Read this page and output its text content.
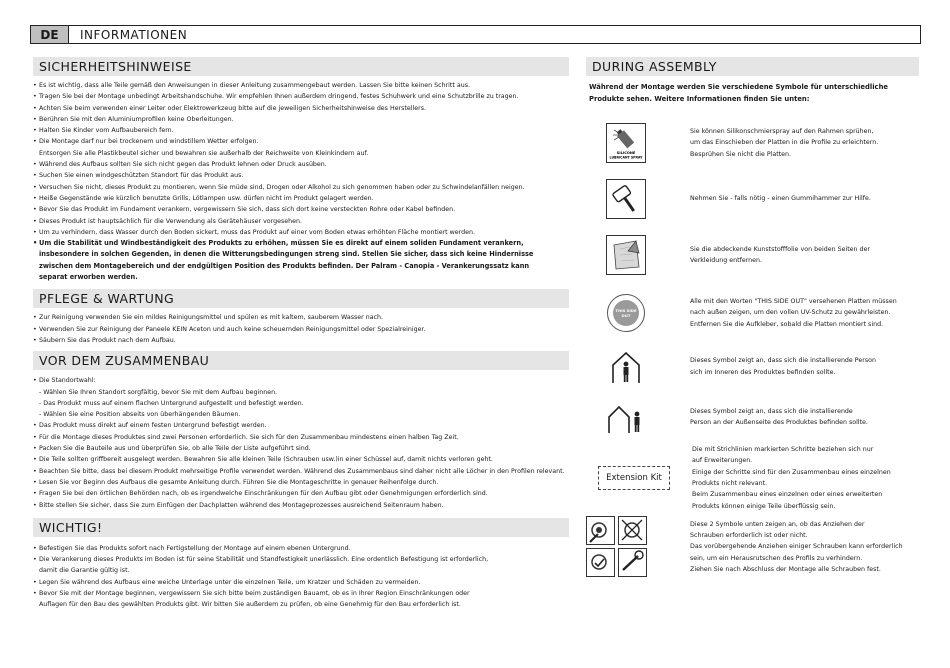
DE	INFORMATIONEN
SICHERHEITSHINWEISE
• Es ist wichtig, dass alle Teile gemäß den Anweisungen in dieser Anleitung zusammengebaut werden. Lassen Sie bitte keinen Schritt aus.
• Tragen Sie bei der Montage unbedingt Arbeitshandschuhe. Wir empfehlen Ihnen außerdem dringend, festes Schuhwerk und eine Schutzbrille zu tragen.
• Achten Sie beim verwenden einer Leiter oder Elektrowerkzeug bitte auf die jeweiligen Sicherheitshinweise des Herstellers.
• Berühren Sie mit den Aluminiumprofilen keine Oberleitungen.
• Halten Sie Kinder vom Aufbaubereich fern.
• Die Montage darf nur bei trockenem und windstillem Wetter erfolgen.
Entsorgen Sie alle Plastikbeutel sicher und bewahren sie außerhalb der Reichweite von Kleinkindern auf.
• Während des Aufbaus sollten Sie sich nicht gegen das Produkt lehnen oder Druck ausüben.
• Suchen Sie einen windgeschützten Standort für das Produkt aus.
• Versuchen Sie nicht, dieses Produkt zu montieren, wenn Sie müde sind, Drogen oder Alkohol zu sich genommen haben oder zu Schwindelanfällen neigen.
• Heiße Gegenstände wie kürzlich benutzte Grills, Lötlampen usw. dürfen nicht im Produkt gelagert werden.
• Bevor Sie das Produkt im Fundament verankern, vergewissern Sie sich, dass sich dort keine versteckten Rohre oder Kabel befinden.
• Dieses Produkt ist hauptsächlich für die Verwendung als Gerätehäuser vorgesehen.
• Um zu verhindern, dass Wasser durch den Boden sickert, muss das Produkt auf einer vom Boden etwas erhöhten Fläche montiert werden.
• Um die Stabilität und Windbeständigkeit des Produkts zu erhöhen, müssen Sie es direkt auf einem soliden Fundament verankern,
insbesondere in solchen Gegenden, in denen die Witterungsbedingungen streng sind. Stellen Sie sicher, dass sich keine Hindernisse
zwischen dem Montagebereich und der endgültigen Position des Produkts befinden. Der Palram - Canopia - Verankerungssatz kann
separat erworben werden.
PFLEGE & WARTUNG
• Zur Reinigung verwenden Sie ein mildes Reinigungsmittel und spülen es mit kaltem, sauberem Wasser nach.
• Verwenden Sie zur Reinigung der Paneele KEIN Aceton und auch keine scheuernden Reinigungsmittel oder Spezialreiniger.
• Säubern Sie das Produkt nach dem Aufbau.
VOR DEM ZUSAMMENBAU
• Die Standortwahl:
- Wählen Sie Ihren Standort sorgfältig, bevor Sie mit dem Aufbau beginnen.
- Das Produkt muss auf einem flachen Untergrund aufgestellt und befestigt werden.
- Wählen Sie eine Position abseits von überhängenden Bäumen.
• Das Produkt muss direkt auf einem festen Untergrund befestigt werden.
• Für die Montage dieses Produktes sind zwei Personen erforderlich. Sie sich für den Zusammenbau mindestens einen halben Tag Zeit.
• Packen Sie die Bauteile aus und überprüfen Sie, ob alle Teile der Liste aufgeführt sind.
• Die Teile sollten griffbereit ausgelegt werden. Bewahren Sie alle kleinen Teile (Schrauben usw.)in einer Schüssel auf, damit nichts verloren geht.
• Beachten Sie bitte, dass bei diesem Produkt mehrseitige Profile verwendet werden. Während des Zusammenbaus sind daher nicht alle Löcher in den Profilen relevant.
• Lesen Sie vor Beginn des Aufbaus die gesamte Anleitung durch. Führen Sie die Montageschritte in genauer Reihenfolge durch.
• Fragen Sie bei den örtlichen Behörden nach, ob es irgendwelche Einschränkungen für den Aufbau gibt oder Genehmigungen erforderlich sind.
• Bitte stellen Sie sicher, dass Sie zum Einfügen der Dachplatten während des Montageprozesses ausreichend Seitenraum haben.
WICHTIG!
• Befestigen Sie das Produkts sofort nach Fertigstellung der Montage auf einem ebenen Untergrund.
• Die Verankerung dieses Produkts im Boden ist für seine Stabilität und Standfestigkeit unerlässlich. Eine ordentlich Befestigung ist erforderlich,
damit die Garantie gültig ist.
• Legen Sie während des Aufbaus eine weiche Unterlage unter die einzelnen Teile, um Kratzer und Schäden zu vermeiden.
• Bevor Sie mit der Montage beginnen, vergewissern Sie sich bitte beim zuständigen Bauamt, ob es in Ihrer Region Einschränkungen oder
Auflagen für den Bau des gewählten Produkts gibt. Wir bitten Sie außerdem zu prüfen, ob eine Genehmig für den Bau erforderlich ist.
DURING ASSEMBLY
Während der Montage werden Sie verschiedene Symbole für unterschiedliche
Produkte sehen. Weitere Informationen finden Sie unten:
SILICONE
LUBRICANT SPRAY
Sie können Silikonschmierspray auf den Rahmen sprühen,
um das Einschieben der Platten in die Profile zu erleichtern.
Besprühen Sie nicht die Platten.
Nehmen Sie - falls nötig - einen Gummihammer zur Hilfe.
Sie die abdeckende Kunststofffolie von beiden Seiten der
Verkleidung entfernen.
THIS SIDE
OUT
Alle mit den Worten "THIS SIDE OUT" versehenen Platten müssen
nach außen zeigen, um den vollen UV-Schutz zu gewährleisten.
Entfernen Sie die Aufkleber, sobald die Platten montiert sind.
Dieses Symbol zeigt an, dass sich die installierende Person
sich im Inneren des Produktes befinden sollte.
Dieses Symbol zeigt an, dass sich die installierende
Person an der Außenseite des Produktes befinden sollte.
Extension Kit
Die mit Strichlinien markierten Schritte beziehen sich nur
auf Erweiterungen.
Einige der Schritte sind für den Zusammenbau eines einzelnen
Produkts nicht relevant.
Beim Zusammenbau eines einzelnen oder eines erweiterten
Produkts können einige Teile überflüssig sein.
Diese 2 Symbole unten zeigen an, ob das Anziehen der
Schrauben erforderlich ist oder nicht.
Das vorübergehende Anziehen einiger Schrauben kann erforderlich
sein, um ein Herausrutschen des Profils zu verhindern.
Ziehen Sie nach Abschluss der Montage alle Schrauben fest.
